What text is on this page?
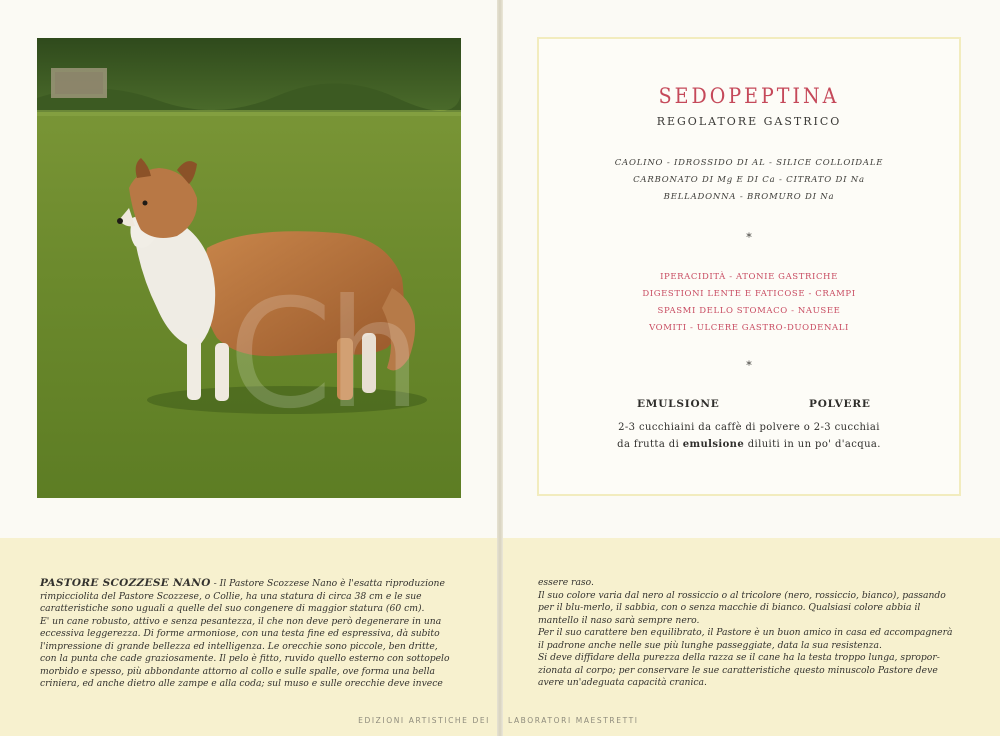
SEDOPEPTINA
REGOLATORE GASTRICO
CAOLINO - IDROSSIDO DI AL - SILICE COLLOIDALE
CARBONATO DI Mg E DI Ca - CITRATO DI Na
BELLADONNA - BROMURO DI Na
*
IPERACIDITÀ - ATONIE GASTRICHE
DIGESTIONI LENTE E FATICOSE - CRAMPI
SPASMI DELLO STOMACO - NAUSEE
VOMITI - ULCERE GASTRO-DUODENALI
*
EMULSIONE	POLVERE
2-3 cucchiaini da caffè di polvere o 2-3 cucchiai
da frutta di emulsione diluiti in un po' d'acqua.

PASTORE SCOZZESE NANO - Il Pastore Scozzese Nano è l'esatta riproduzione

rimpicciolita del Pastore Scozzese, o Collie, ha una statura di circa 38 cm e le sue

caratteristiche sono uguali a quelle del suo congenere di maggior statura (60 cm).

E' un cane robusto, attivo e senza pesantezza, il che non deve però degenerare in una

eccessiva leggerezza. Di forme armoniose, con una testa fine ed espressiva, dà subito

l'impressione di grande bellezza ed intelligenza. Le orecchie sono piccole, ben dritte,

con la punta che cade graziosamente. Il pelo è fitto, ruvido quello esterno con sottopelo

morbido e spesso, più abbondante attorno al collo e sulle spalle, ove forma una bella

criniera, ed anche dietro alle zampe e alla coda; sul muso e sulle orecchie deve invece

essere raso.

Il suo colore varia dal nero al rossiccio o al tricolore (nero, rossiccio, bianco), passando

per il blu-merlo, il sabbia, con o senza macchie di bianco. Qualsiasi colore abbia il

mantello il naso sarà sempre nero.

Per il suo carattere ben equilibrato, il Pastore è un buon amico in casa ed accompagnerà

il padrone anche nelle sue più lunghe passeggiate, data la sua resistenza.

Si deve diffidare della purezza della razza se il cane ha la testa troppo lunga, spropor-

zionata al corpo; per conservare le sue caratteristiche questo minuscolo Pastore deve

avere un'adeguata capacità cranica.

EDIZIONI ARTISTICHE DEI LABORATORI MAESTRETTI
